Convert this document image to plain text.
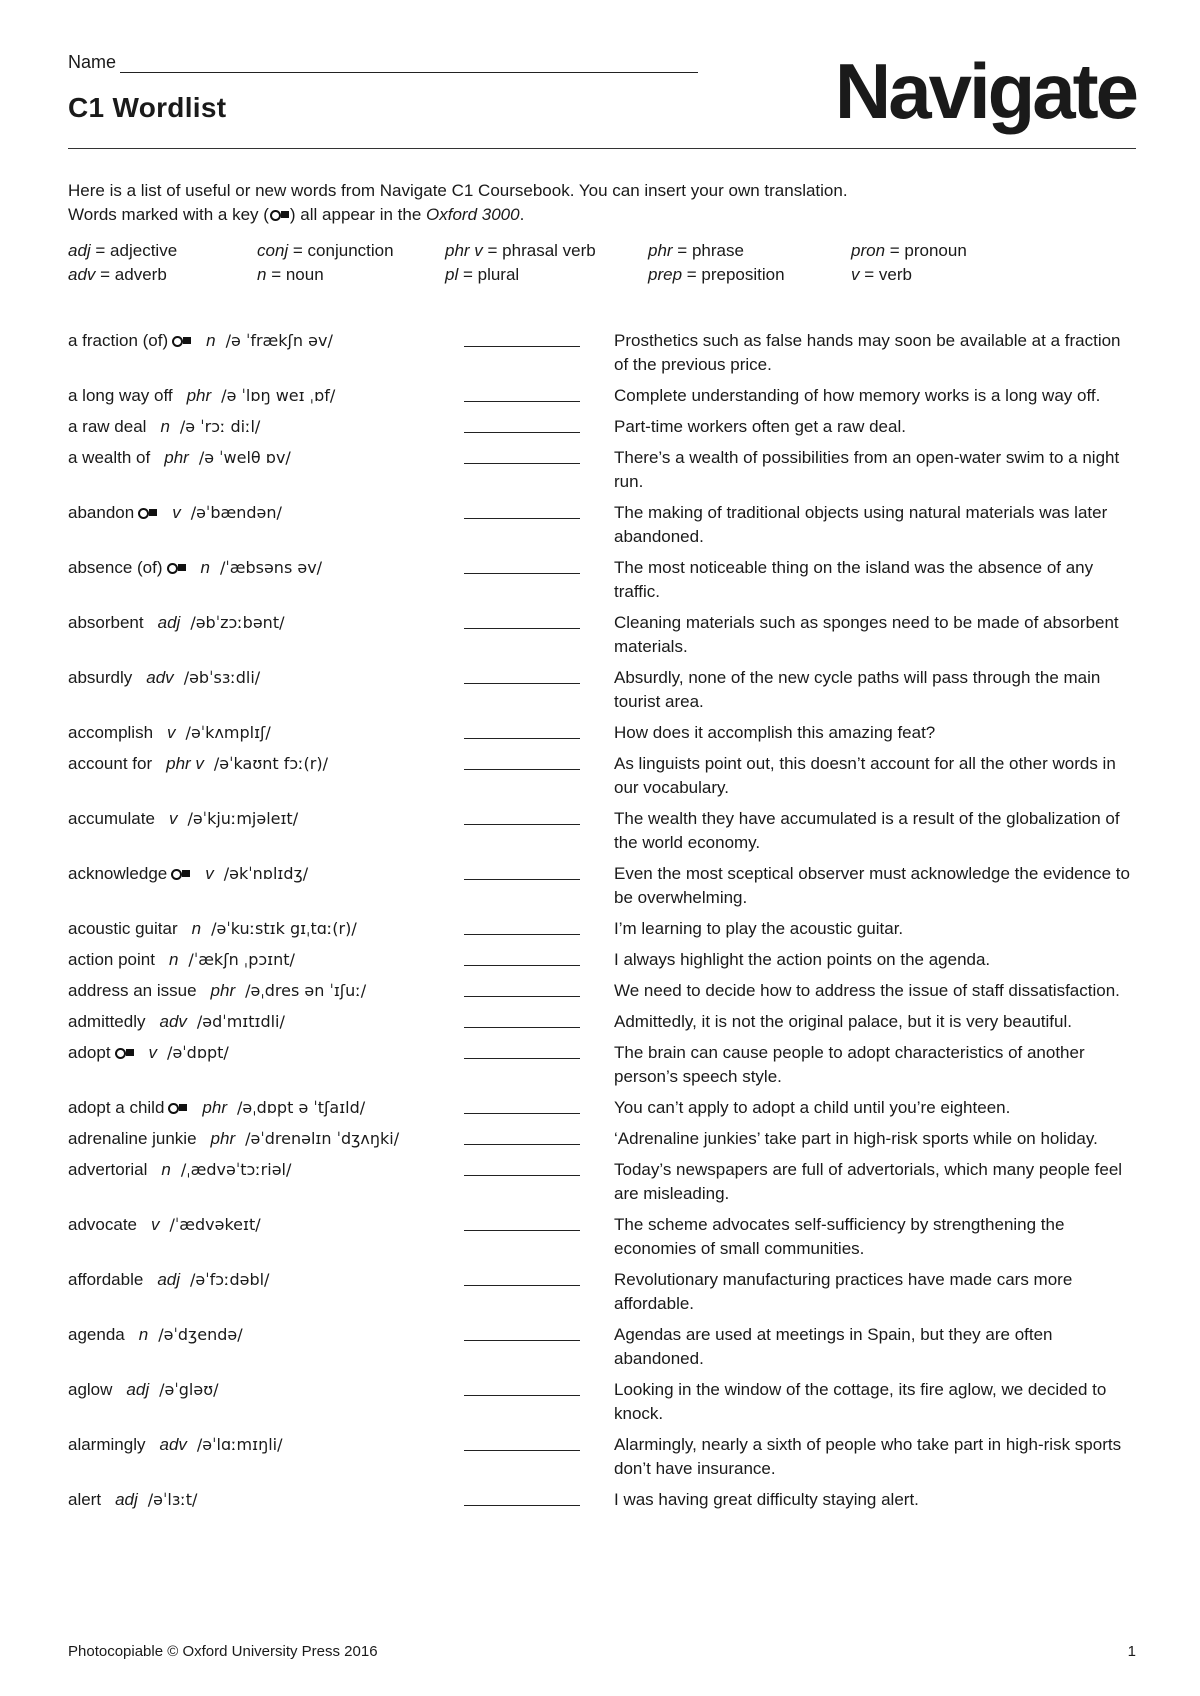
Name
C1 Wordlist	Navigate

Here is a list of useful or new words from Navigate C1 Coursebook. You can insert your own translation.

Words marked with a key ( ) all appear in the Oxford 3000.

adj = adjective	conj = conjunction	phr v = phrasal verb	phr = phrase	pron = pronoun
adv = adverb	n = noun	pl = plural	prep = preposition	v = verb
a fraction (of) n /ə ˈfrækʃn əv/	Prosthetics such as false hands may soon be available at a fraction of the previous price.
a long way off phr /ə ˈlɒŋ weɪ ˌɒf/	Complete understanding of how memory works is a long way off.
a raw deal n /ə ˈrɔː diːl/	Part-time workers often get a raw deal.
a wealth of phr /ə ˈwelθ ɒv/	There’s a wealth of possibilities from an open-water swim to a night run.
abandon v /əˈbændən/	The making of traditional objects using natural materials was later abandoned.
absence (of) n /ˈæbsəns əv/	The most noticeable thing on the island was the absence of any traffic.
absorbent adj /əbˈzɔːbənt/	Cleaning materials such as sponges need to be made of absorbent materials.
absurdly adv /əbˈsɜːdli/	Absurdly, none of the new cycle paths will pass through the main tourist area.
accomplish v /əˈkʌmplɪʃ/	How does it accomplish this amazing feat?
account for phr v /əˈkaʊnt fɔː(r)/	As linguists point out, this doesn’t account for all the other words in our vocabulary.
accumulate v /əˈkjuːmjəleɪt/	The wealth they have accumulated is a result of the globalization of the world economy.
acknowledge v /əkˈnɒlɪdʒ/	Even the most sceptical observer must acknowledge the evidence to be overwhelming.
acoustic guitar n /əˈkuːstɪk gɪˌtɑː(r)/	I’m learning to play the acoustic guitar.
action point n /ˈækʃn ˌpɔɪnt/	I always highlight the action points on the agenda.
address an issue phr /əˌdres ən ˈɪʃuː/	We need to decide how to address the issue of staff dissatisfaction.
admittedly adv /ədˈmɪtɪdli/	Admittedly, it is not the original palace, but it is very beautiful.
adopt v /əˈdɒpt/	The brain can cause people to adopt characteristics of another person’s speech style.
adopt a child phr /əˌdɒpt ə ˈtʃaɪld/	You can’t apply to adopt a child until you’re eighteen.
adrenaline junkie phr /əˈdrenəlɪn ˈdʒʌŋki/	‘Adrenaline junkies’ take part in high-risk sports while on holiday.
advertorial n /ˌædvəˈtɔːriəl/	Today’s newspapers are full of advertorials, which many people feel are misleading.
advocate v /ˈædvəkeɪt/	The scheme advocates self-sufficiency by strengthening the economies of small communities.
affordable adj /əˈfɔːdəbl/	Revolutionary manufacturing practices have made cars more affordable.
agenda n /əˈdʒendə/	Agendas are used at meetings in Spain, but they are often abandoned.
aglow adj /əˈgləʊ/	Looking in the window of the cottage, its fire aglow, we decided to knock.
alarmingly adv /əˈlɑːmɪŋli/	Alarmingly, nearly a sixth of people who take part in high-risk sports don’t have insurance.
alert adj /əˈlɜːt/	I was having great difficulty staying alert.
Photocopiable © Oxford University Press 2016	1
